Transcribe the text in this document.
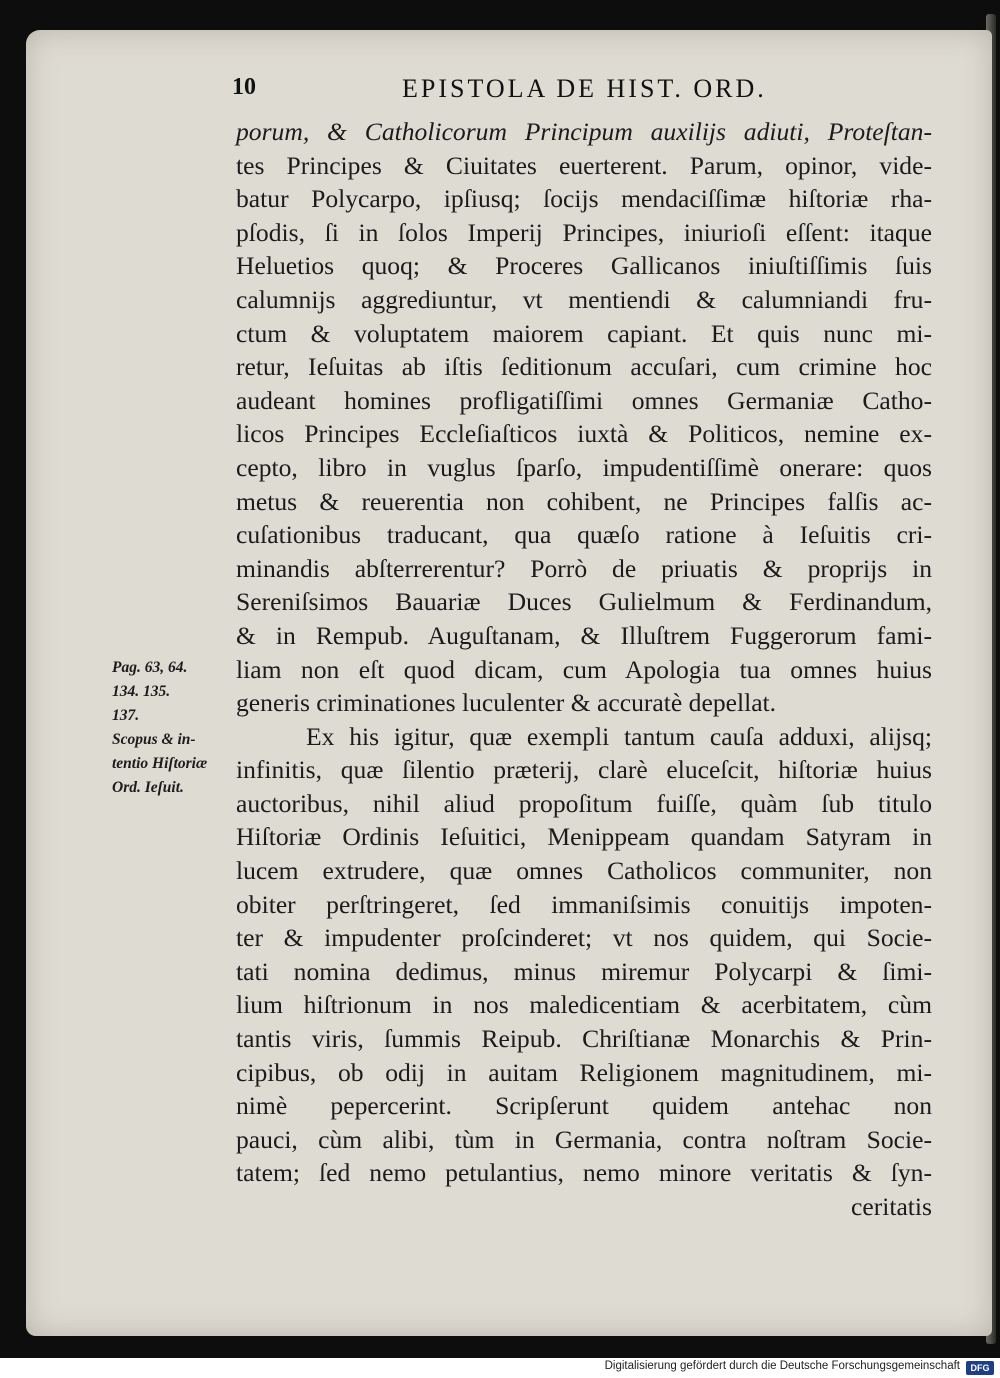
10	EPISTOLA DE HIST. ORD.
porum, & Catholicorum Principum auxilijs adiuti, Proteſtan-
tes Principes & Ciuitates euerterent. Parum, opinor, vide-
batur Polycarpo, ipſiusq; ſocijs mendaciſſimæ hiſtoriæ rha-
pſodis, ſi in ſolos Imperij Principes, iniurioſi eſſent: itaque
Heluetios quoq; & Proceres Gallicanos iniuſtiſſimis ſuis
calumnijs aggrediuntur, vt mentiendi & calumniandi fru-
ctum & voluptatem maiorem capiant. Et quis nunc mi-
retur, Ieſuitas ab iſtis ſeditionum accuſari, cum crimine hoc
audeant homines profligatiſſimi omnes Germaniæ Catho-
licos Principes Eccleſiaſticos iuxtà & Politicos, nemine ex-
cepto, libro in vuglus ſparſo, impudentiſſimè onerare: quos
metus & reuerentia non cohibent, ne Principes falſis ac-
cuſationibus traducant, qua quæſo ratione à Ieſuitis cri-
minandis abſterrerentur? Porrò de priuatis & proprijs in
Sereniſsimos Bauariæ Duces Gulielmum & Ferdinandum,
& in Rempub. Auguſtanam, & Illuſtrem Fuggerorum fami-
liam non eſt quod dicam, cum Apologia tua omnes huius
generis criminationes luculenter & accuratè depellat.
Ex his igitur, quæ exempli tantum cauſa adduxi, alijsq;
infinitis, quæ ſilentio præterij, clarè eluceſcit, hiſtoriæ huius
auctoribus, nihil aliud propoſitum fuiſſe, quàm ſub titulo
Hiſtoriæ Ordinis Ieſuitici, Menippeam quandam Satyram in
lucem extrudere, quæ omnes Catholicos communiter, non
obiter perſtringeret, ſed immaniſsimis conuitijs impoten-
ter & impudenter proſcinderet; vt nos quidem, qui Socie-
tati nomina dedimus, minus miremur Polycarpi & ſimi-
lium hiſtrionum in nos maledicentiam & acerbitatem, cùm
tantis viris, ſummis Reipub. Chriſtianæ Monarchis & Prin-
cipibus, ob odij in auitam Religionem magnitudinem, mi-
nimè pepercerint. Scripſerunt quidem antehac non
pauci, cùm alibi, tùm in Germania, contra noſtram Socie-
tatem; ſed nemo petulantius, nemo minore veritatis & ſyn-
ceritatis
Pag. 63, 64.
134. 135.
137.
Scopus & in-
tentio Hiſtoriæ
Ord. Ieſuit.
Digitalisierung gefördert durch die Deutsche Forschungsgemeinschaft	DFG
